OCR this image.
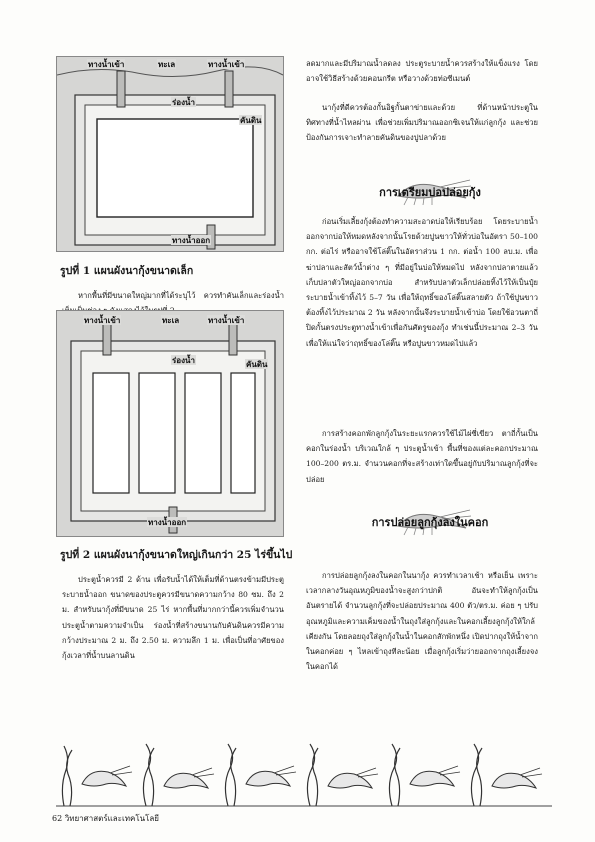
ทางน้ำเข้า	ทะเล	ทางน้ำเข้า
ร่องน้ำ
คันดิน
ทางน้ำออก
รูปที่ 1 แผนผังนากุ้งขนาดเล็ก

หากพื้นที่มีขนาดใหญ่มากที่ได้ระบุไว้ ควรทำคันเล็กและร่องน้ำ

ทางน้ำเข้า	ทะเล	ทางน้ำเข้า
ร่องน้ำ	คันดิน
ทางน้ำออก
รูปที่ 2 แผนผังนากุ้งขนาดใหญ่เกินกว่า 25 ไร่ขึ้นไป

ประตูน้ำควรมี 2 ด้าน เพื่อรับน้ำได้ให้เต็มที่ด้านตรงข้ามมีประตูระบายน้ำออก ขนาดของประตูควรมีขนาดความกว้าง 80 ซม. ถึง 2 ม. สำหรับนากุ้งที่มีขนาด 25 ไร่ หากพื้นที่มากกว่านี้ควรเพิ่มจำนวนประตูน้ำตามความจำเป็น ร่องน้ำที่สร้างขนานกับคันดินควรมีความกว้างประมาณ 2 ม. ถึง 2.50 ม. ความลึก 1 ม. เพื่อเป็นที่อาศัยของกุ้งเวลาที่น้ำบนลานดิน

ลดมากและมีปริมาณน้ำลดลง ประตูระบายน้ำควรสร้างให้แข็งแรง โดยอาจใช้วิธีสร้างด้วยคอนกรีต หรือวางด้วยท่อซีเมนต์

นากุ้งที่ดีควรต้องกั้นอิฐกั้นตาข่ายและด้วย ที่ด้านหน้าประตูในทิศทางที่น้ำไหลผ่าน เพื่อช่วยเพิ่มปริมาณออกซิเจนให้แก่ลูกกุ้ง และช่วยป้องกันการเจาะทำลายคันดินของปูปลาด้วย

การเตรียมบ่อปล่อยกุ้ง

ก่อนเริ่มเลี้ยงกุ้งต้องทำความสะอาดบ่อให้เรียบร้อย โดยระบายน้ำออกจากบ่อให้หมดหลังจากนั้นโรยด้วยปูนขาวให้ทั่วบ่อในอัตรา 50–100 กก. ต่อไร่ หรืออาจใช้โล่ติ๊นในอัตราส่วน 1 กก. ต่อน้ำ 100 ลบ.ม. เพื่อฆ่าปลาและสัตว์น้ำต่าง ๆ ที่มีอยู่ในบ่อให้หมดไป หลังจากปลาตายแล้วเก็บปลาตัวใหญ่ออกจากบ่อ สำหรับปลาตัวเล็กปล่อยทิ้งไว้ให้เป็นปุ๋ย ระบายน้ำเข้าทิ้งไว้ 5–7 วัน เพื่อให้ฤทธิ์ของโล่ติ๊นสลายตัว ถ้าใช้ปูนขาวต้องทิ้งไว้ประมาณ 2 วัน หลังจากนั้นจึงระบายน้ำเข้าบ่อ โดยใช้อวนตาถี่ปิดกั้นตรงประตูทางน้ำเข้าเพื่อกันศัตรูของกุ้ง ทำเช่นนี้ประมาณ 2–3 วัน เพื่อให้แน่ใจว่าฤทธิ์ของโล่ติ๊น หรือปูนขาวหมดไปแล้ว

การสร้างคอกพักลูกกุ้งในระยะแรกควรใช้ไม้ไผ่ซี่เขียว ตาถี่กั้นเป็นคอกในร่องน้ำ บริเวณใกล้ ๆ ประตูน้ำเข้า พื้นที่ของแต่ละคอกประมาณ 100–200 ตร.ม. จำนวนคอกที่จะสร้างเท่าใดขึ้นอยู่กับปริมาณลูกกุ้งที่จะปล่อย

การปล่อยลูกกุ้งลงในคอก

การปล่อยลูกกุ้งลงในคอกในนากุ้ง ควรทำเวลาเช้า หรือเย็น เพราะเวลากลางวันอุณหภูมิของน้ำจะสูงกว่าปกติ อันจะทำให้ลูกกุ้งเป็นอันตรายได้ จำนวนลูกกุ้งที่จะปล่อยประมาณ 400 ตัว/ตร.ม. ค่อย ๆ ปรับอุณหภูมิและความเค็มของน้ำในถุงใส่ลูกกุ้งและในคอกเลี้ยงลูกกุ้งให้ใกล้เคียงกัน โดยลอยถุงใส่ลูกกุ้งในน้ำในคอกสักพักหนึ่ง เปิดปากถุงให้น้ำจากในคอกค่อย ๆ ไหลเข้าถุงทีละน้อย เมื่อลูกกุ้งเริ่มว่ายออกจากถุงเลี้ยงจงในคอกได้

62 วิทยาศาสตร์และเทคโนโลยี
